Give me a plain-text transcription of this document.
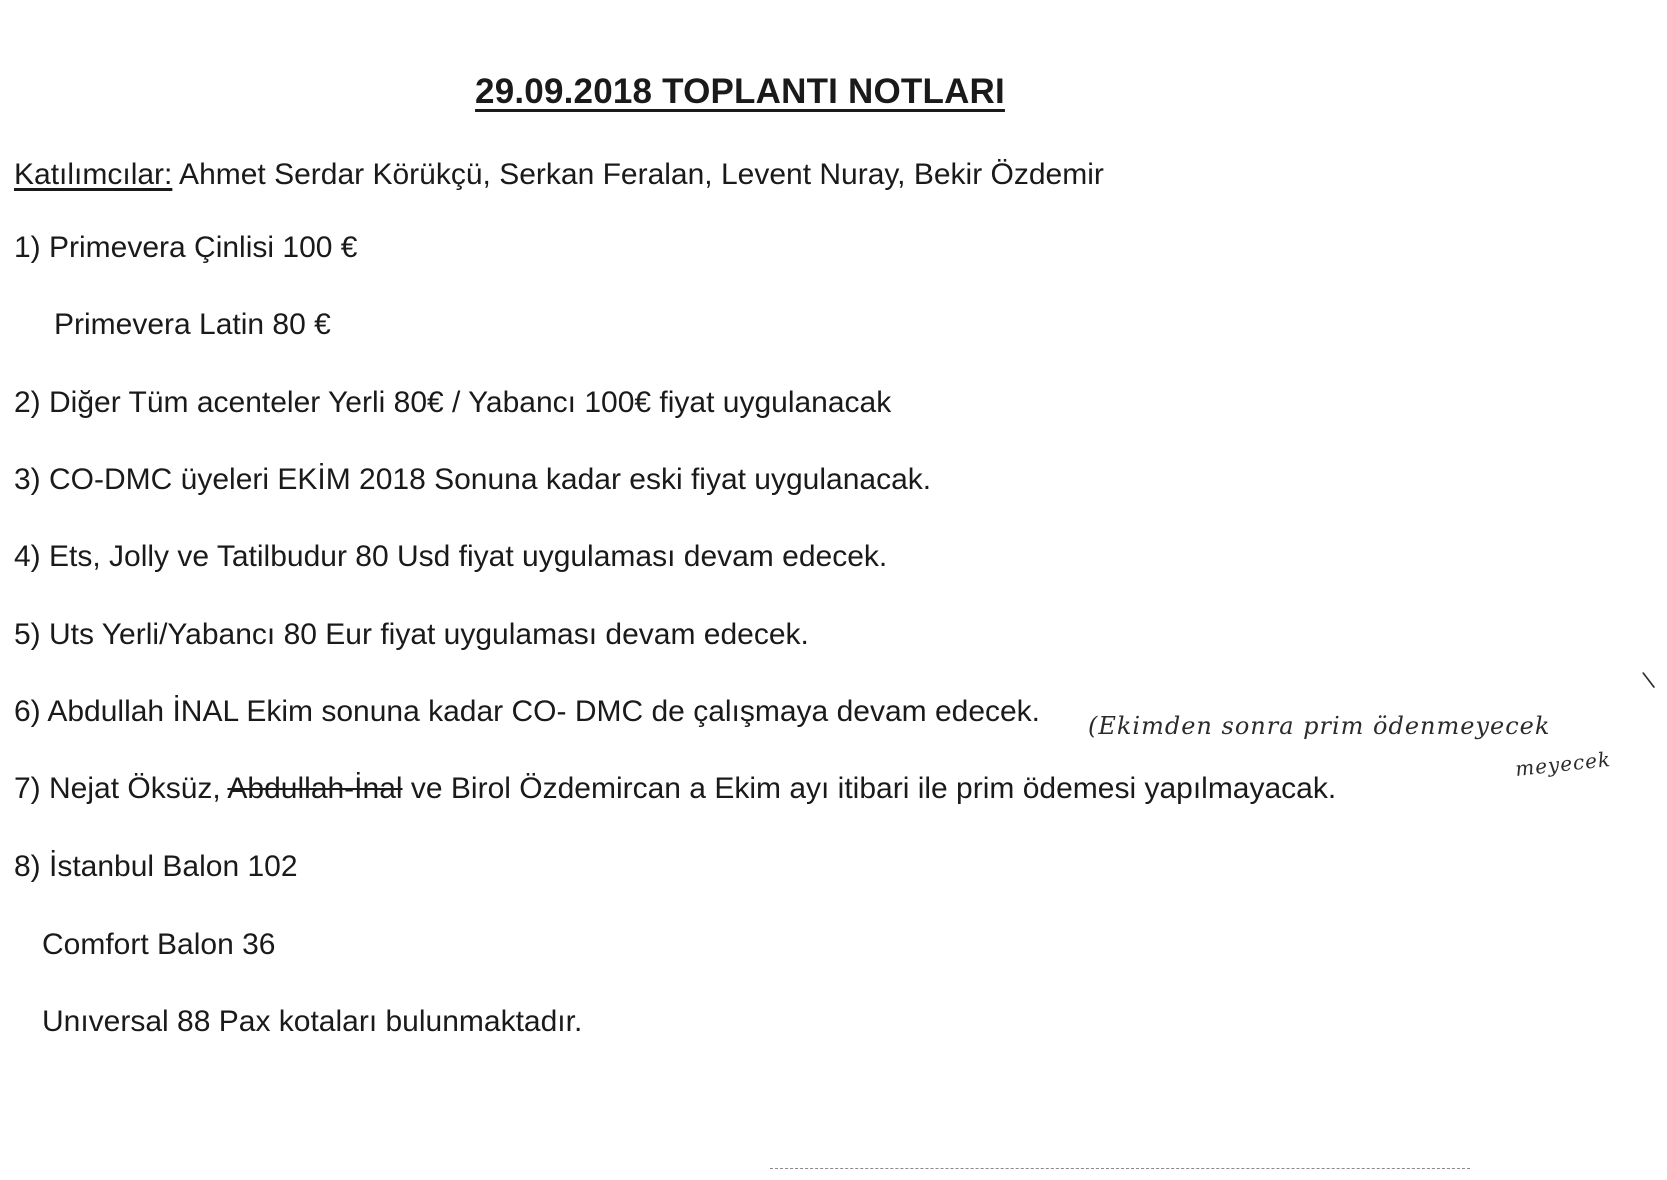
29.09.2018 TOPLANTI NOTLARI
Katılımcılar: Ahmet Serdar Körükçü, Serkan Feralan, Levent Nuray, Bekir Özdemir
1) Primevera Çinlisi 100 €
Primevera Latin 80 €
2) Diğer Tüm acenteler Yerli 80€ / Yabancı 100€ fiyat uygulanacak
3) CO-DMC üyeleri EKİM 2018 Sonuna kadar eski fiyat uygulanacak.
4) Ets, Jolly ve Tatilbudur 80 Usd fiyat uygulaması devam edecek.
5) Uts Yerli/Yabancı 80 Eur fiyat uygulaması devam edecek.
6) Abdullah İNAL Ekim sonuna kadar CO- DMC de çalışmaya devam edecek.
7) Nejat Öksüz, Abdullah-İnal ve Birol Özdemircan a Ekim ayı itibari ile prim ödemesi yapılmayacak.
8) İstanbul Balon 102
Comfort Balon 36
Unıversal 88 Pax kotaları bulunmaktadır.
(Ekimden sonra prim ödenmeyecek
meyecek
\
